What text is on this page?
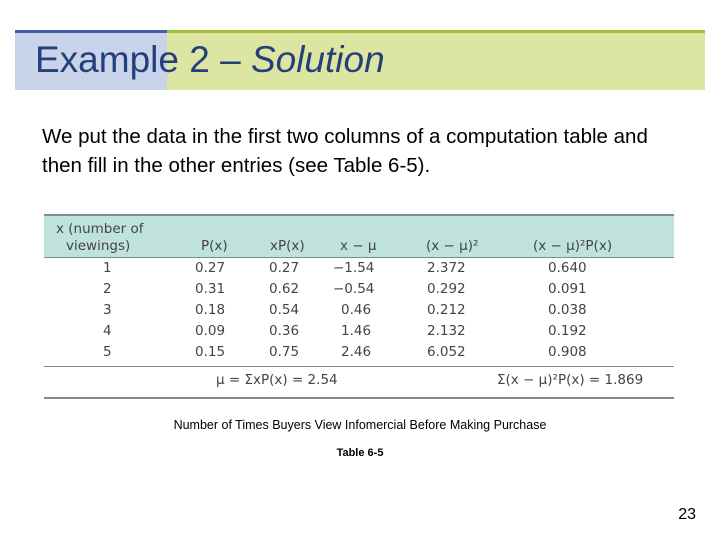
Example 2 – Solution
We put the data in the first two columns of a computation table and then fill in the other entries (see Table 6-5).
x (number of
viewings)	P(x)	xP(x)	x − μ	(x − μ)²	(x − μ)²P(x)
1	0.27	0.27	−1.54	2.372	0.640
2	0.31	0.62	−0.54	0.292	0.091
3	0.18	0.54	0.46	0.212	0.038
4	0.09	0.36	1.46	2.132	0.192
5	0.15	0.75	2.46	6.052	0.908
μ = ΣxP(x) = 2.54	Σ(x − μ)²P(x) = 1.869
Number of Times Buyers View Infomercial Before Making Purchase
Table 6-5
23
